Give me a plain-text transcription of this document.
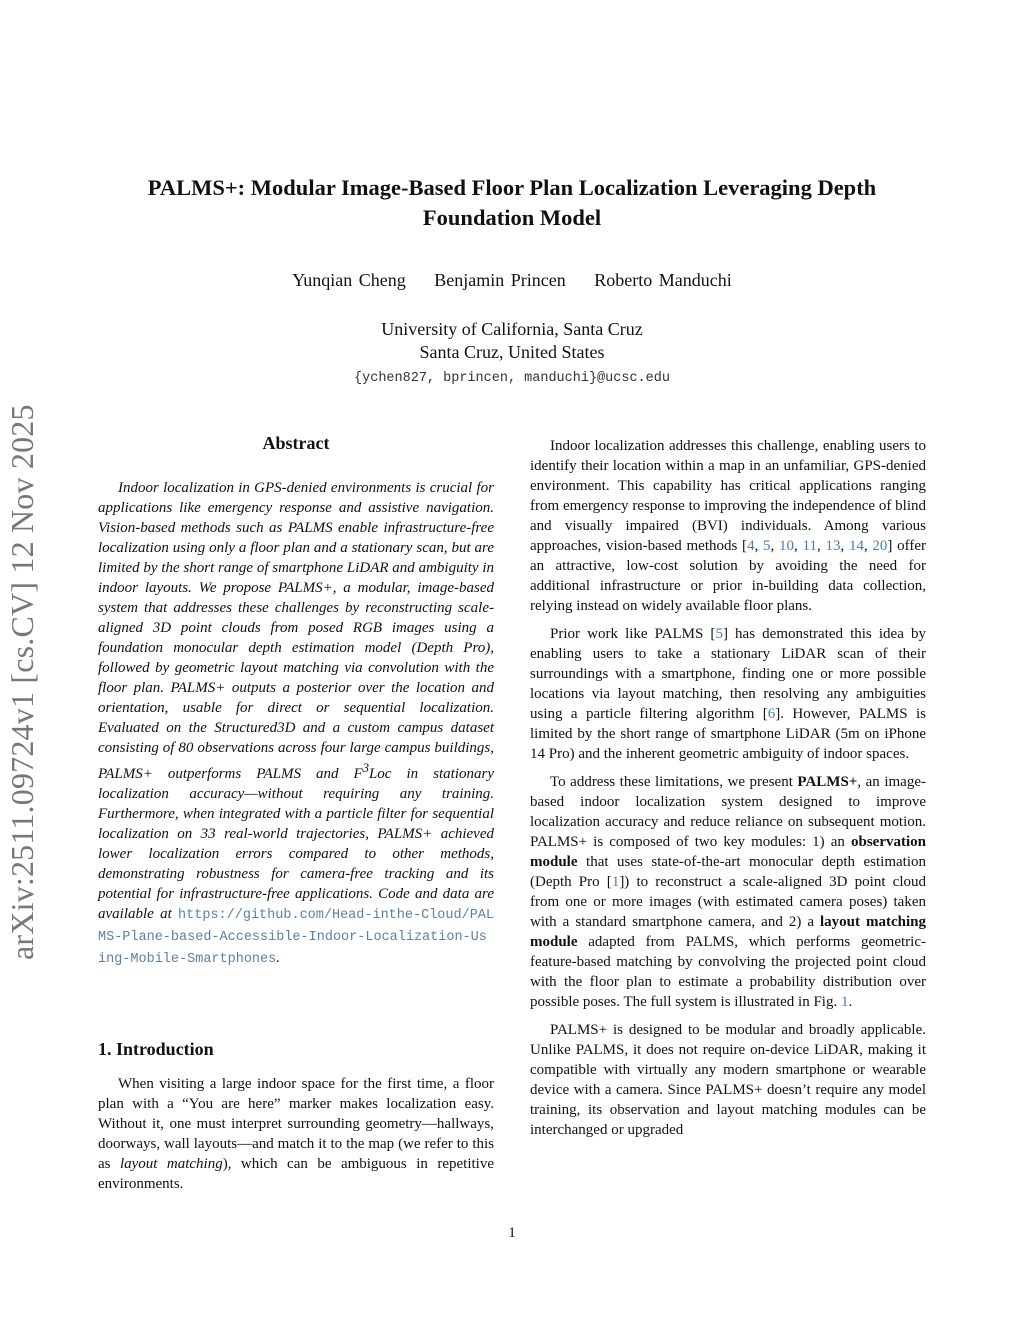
arXiv:2511.09724v1 [cs.CV] 12 Nov 2025
PALMS+: Modular Image-Based Floor Plan Localization Leveraging Depth Foundation Model
Yunqian Cheng Benjamin Princen Roberto Manduchi
University of California, Santa Cruz
Santa Cruz, United States
{ychen827, bprincen, manduchi}@ucsc.edu
Abstract

Indoor localization in GPS-denied environments is crucial for applications like emergency response and assistive navigation. Vision-based methods such as PALMS enable infrastructure-free localization using only a floor plan and a stationary scan, but are limited by the short range of smartphone LiDAR and ambiguity in indoor layouts. We propose PALMS+, a modular, image-based system that addresses these challenges by reconstructing scale-aligned 3D point clouds from posed RGB images using a foundation monocular depth estimation model (Depth Pro), followed by geometric layout matching via convolution with the floor plan. PALMS+ outputs a posterior over the location and orientation, usable for direct or sequential localization. Evaluated on the Structured3D and a custom campus dataset consisting of 80 observations across four large campus buildings, PALMS+ outperforms PALMS and $F^3Loc$ in stationary localization accuracy—without requiring any training. Furthermore, when integrated with a particle filter for sequential localization on 33 real-world trajectories, PALMS+ achieved lower localization errors compared to other methods, demonstrating robustness for camera-free tracking and its potential for infrastructure-free applications. Code and data are available at https://github.com/Head-inthe-Cloud/PALMS-Plane-based-Accessible-Indoor-Localization-Using-Mobile-Smartphones.

1. Introduction

When visiting a large indoor space for the first time, a floor plan with a “You are here” marker makes localization easy. Without it, one must interpret surrounding geometry—hallways, doorways, wall layouts—and match it to the map (we refer to this as layout matching), which can be ambiguous in repetitive environments.

Indoor localization addresses this challenge, enabling users to identify their location within a map in an unfamiliar, GPS-denied environment. This capability has critical applications ranging from emergency response to improving the independence of blind and visually impaired (BVI) individuals. Among various approaches, vision-based methods [4, 5, 10, 11, 13, 14, 20] offer an attractive, low-cost solution by avoiding the need for additional infrastructure or prior in-building data collection, relying instead on widely available floor plans.

Prior work like PALMS [5] has demonstrated this idea by enabling users to take a stationary LiDAR scan of their surroundings with a smartphone, finding one or more possible locations via layout matching, then resolving any ambiguities using a particle filtering algorithm [6]. However, PALMS is limited by the short range of smartphone LiDAR (5m on iPhone 14 Pro) and the inherent geometric ambiguity of indoor spaces.

To address these limitations, we present PALMS+, an image-based indoor localization system designed to improve localization accuracy and reduce reliance on subsequent motion. PALMS+ is composed of two key modules: 1) an observation module that uses state-of-the-art monocular depth estimation (Depth Pro [1]) to reconstruct a scale-aligned 3D point cloud from one or more images (with estimated camera poses) taken with a standard smartphone camera, and 2) a layout matching module adapted from PALMS, which performs geometric-feature-based matching by convolving the projected point cloud with the floor plan to estimate a probability distribution over possible poses. The full system is illustrated in Fig. 1.

PALMS+ is designed to be modular and broadly applicable. Unlike PALMS, it does not require on-device LiDAR, making it compatible with virtually any modern smartphone or wearable device with a camera. Since PALMS+ doesn’t require any model training, its observation and layout matching modules can be interchanged or upgraded

1
